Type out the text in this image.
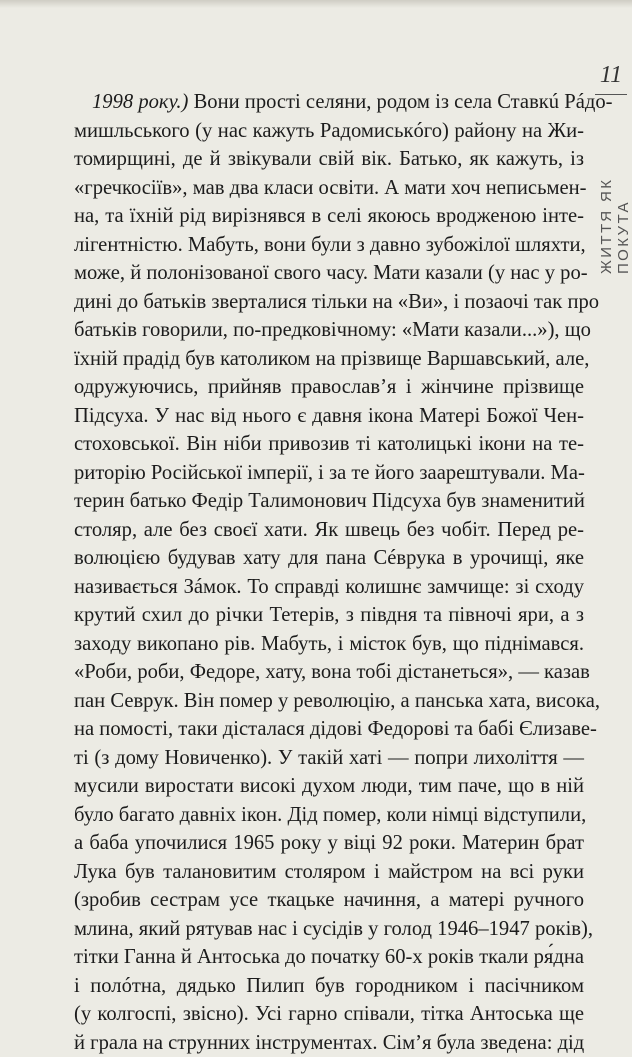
11
ЖИТТЯ ЯК ПОКУТА
1998 року.) Вони прості селяни, родом із села Ставкú Рáдо-
мишльського (у нас кажуть Радомиськóго) району на Жи-
томирщині, де й звікували свій вік. Батько, як кажуть, із
«гречкосіїв», мав два класи освіти. А мати хоч неписьмен-
на, та їхній рід вирізнявся в селі якоюсь вродженою інте-
лігентністю. Мабуть, вони були з давно зубожілої шляхти,
може, й полонізованої свого часу. Мати казали (у нас у ро-
дині до батьків зверталися тільки на «Ви», і позаочі так про
батьків говорили, по-предковічному: «Мати казали...»), що
їхній прадід був католиком на прізвище Варшавський, але,
одружуючись, прийняв православ’я і жінчине прізвище
Підсуха. У нас від нього є давня ікона Матері Божої Чен-
стоховської. Він ніби привозив ті католицькі ікони на те-
риторію Російської імперії, і за те його заарештували. Ма-
терин батько Федір Талимонович Підсуха був знаменитий
столяр, але без своєї хати. Як швець без чобіт. Перед ре-
волюцією будував хату для пана Сéврука в урочищі, яке
називається Зáмок. То справді колишнє замчище: зі сходу
крутий схил до річки Тетерів, з півдня та півночі яри, а з
заходу викопано рів. Мабуть, і місток був, що піднімався.
«Роби, роби, Федоре, хату, вона тобі дістанеться», — казав
пан Севрук. Він помер у революцію, а панська хата, висока,
на помості, таки дісталася дідові Федорові та бабі Єлизаве-
ті (з дому Новиченко). У такій хаті — попри лихоліття —
мусили виростати високі духом люди, тим паче, що в ній
було багато давніх ікон. Дід помер, коли німці відступили,
а баба упочилися 1965 року у віці 92 роки. Материн брат
Лука був талановитим столяром і майстром на всі руки
(зробив сестрам усе ткацьке начиння, а матері ручного
млина, який рятував нас і сусідів у голод 1946–1947 років),
тітки Ганна й Антоська до початку 60-х років ткали ря́дна
і полóтна, дядько Пилип був городником і пасічником
(у колгоспі, звісно). Усі гарно співали, тітка Антоська ще
й грала на струнних інструментах. Сім’я була зведена: дід
